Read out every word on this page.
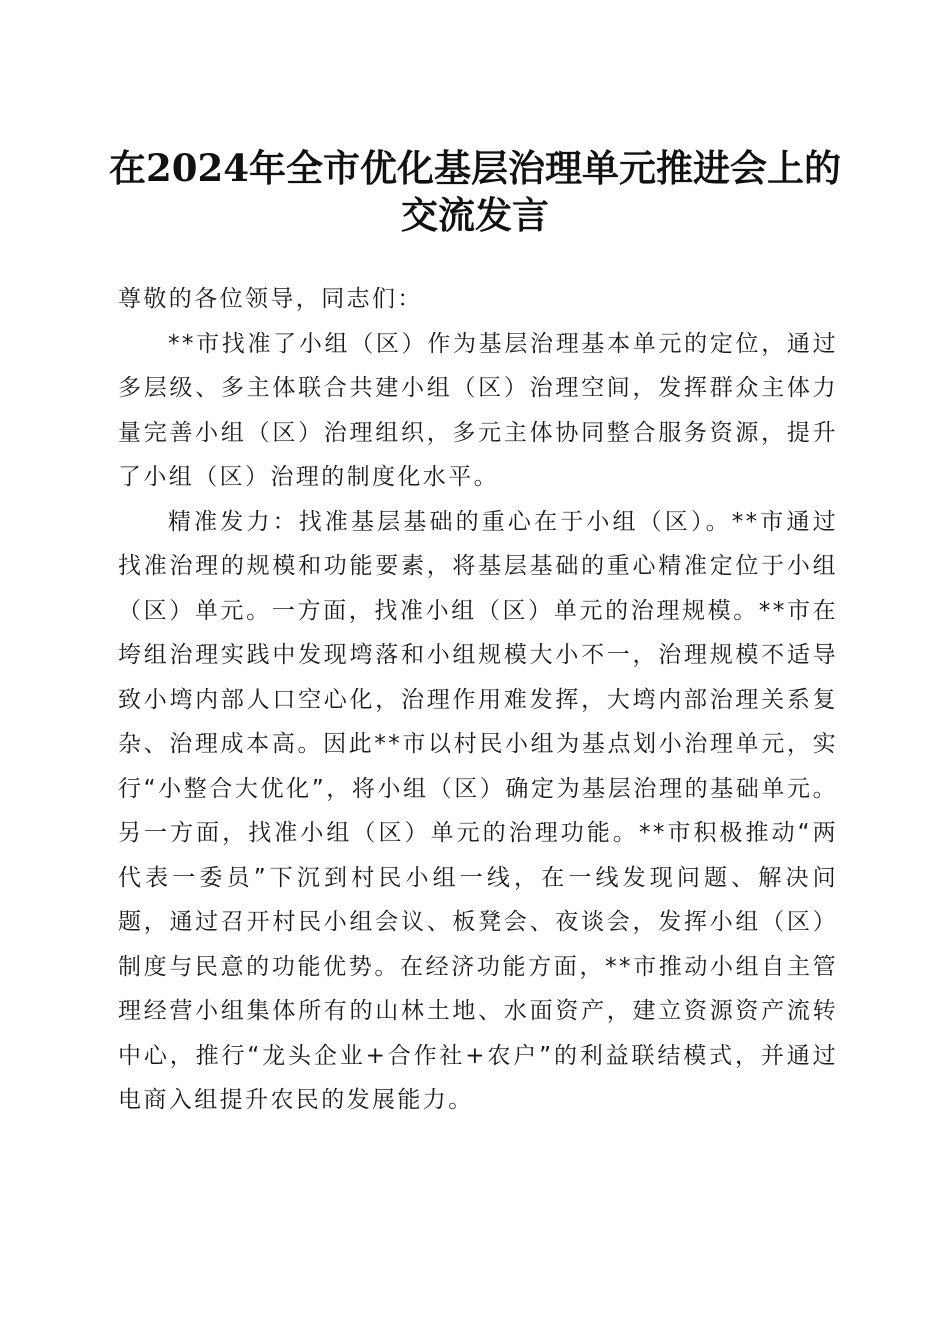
在2024年全市优化基层治理单元推进会上的
交流发言

尊敬的各位领导，同志们：

**市找准了小组（区）作为基层治理基本单元的定位，通过多层级、多主体联合共建小组（区）治理空间，发挥群众主体力量完善小组（区）治理组织，多元主体协同整合服务资源，提升了小组（区）治理的制度化水平。

精准发力：找准基层基础的重心在于小组（区）。**市通过找准治理的规模和功能要素，将基层基础的重心精准定位于小组（区）单元。一方面，找准小组（区）单元的治理规模。**市在垮组治理实践中发现塆落和小组规模大小不一，治理规模不适导致小塆内部人口空心化，治理作用难发挥，大塆内部治理关系复杂、治理成本高。因此**市以村民小组为基点划小治理单元，实行“小整合大优化”，将小组（区）确定为基层治理的基础单元。另一方面，找准小组（区）单元的治理功能。**市积极推动“两代表一委员”下沉到村民小组一线，在一线发现问题、解决问题，通过召开村民小组会议、板凳会、夜谈会，发挥小组（区）制度与民意的功能优势。在经济功能方面，**市推动小组自主管理经营小组集体所有的山林土地、水面资产，建立资源资产流转中心，推行“龙头企业+合作社+农户”的利益联结模式，并通过电商入组提升农民的发展能力。
